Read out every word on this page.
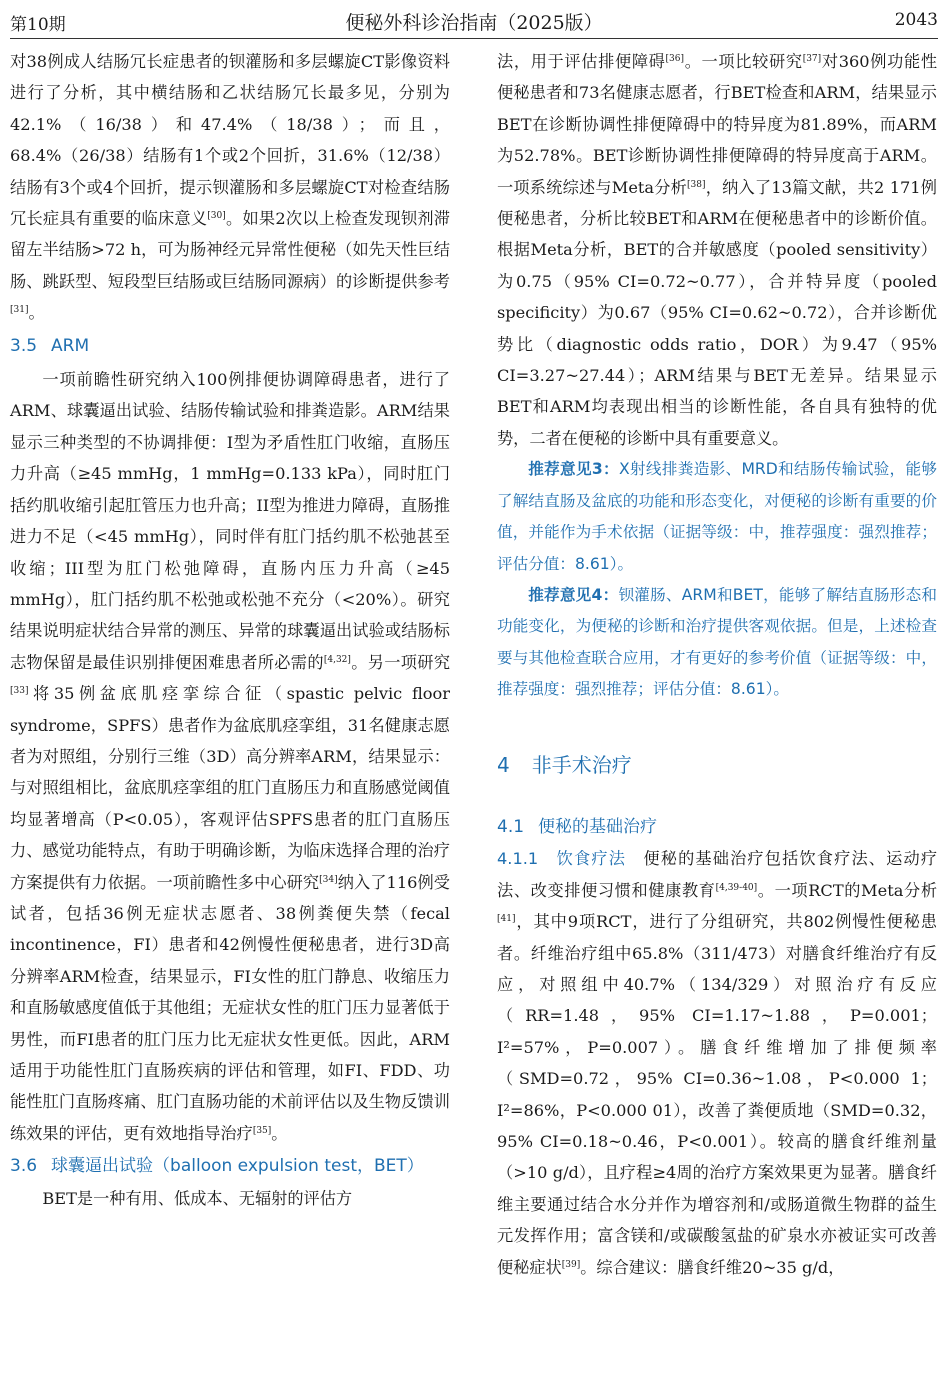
第10期	便秘外科诊治指南（2025版）	2043

对38例成人结肠冗长症患者的钡灌肠和多层螺旋CT影像资料进行了分析，其中横结肠和乙状结肠冗长最多见，分别为42.1%（16/38）和47.4%（18/38）；而且，68.4%（26/38）结肠有1个或2个回折，31.6%（12/38）结肠有3个或4个回折，提示钡灌肠和多层螺旋CT对检查结肠冗长症具有重要的临床意义[30]。如果2次以上检查发现钡剂滞留左半结肠>72 h，可为肠神经元异常性便秘（如先天性巨结肠、跳跃型、短段型巨结肠或巨结肠同源病）的诊断提供参考[31]。

3.5 ARM

一项前瞻性研究纳入100例排便协调障碍患者，进行了ARM、球囊逼出试验、结肠传输试验和排粪造影。ARM结果显示三种类型的不协调排便：I型为矛盾性肛门收缩，直肠压力升高（≥45 mmHg，1 mmHg=0.133 kPa），同时肛门括约肌收缩引起肛管压力也升高；II型为推进力障碍，直肠推进力不足（<45 mmHg），同时伴有肛门括约肌不松弛甚至收缩；III型为肛门松弛障碍，直肠内压力升高（≥45 mmHg），肛门括约肌不松弛或松弛不充分（<20%）。研究结果说明症状结合异常的测压、异常的球囊逼出试验或结肠标志物保留是最佳识别排便困难患者所必需的[4,32]。另一项研究[33]将35例盆底肌痉挛综合征（spastic pelvic floor syndrome，SPFS）患者作为盆底肌痉挛组，31名健康志愿者为对照组，分别行三维（3D）高分辨率ARM，结果显示：与对照组相比，盆底肌痉挛组的肛门直肠压力和直肠感觉阈值均显著增高（P<0.05），客观评估SPFS患者的肛门直肠压力、感觉功能特点，有助于明确诊断，为临床选择合理的治疗方案提供有力依据。一项前瞻性多中心研究[34]纳入了116例受试者，包括36例无症状志愿者、38例粪便失禁（fecal incontinence，FI）患者和42例慢性便秘患者，进行3D高分辨率ARM检查，结果显示，FI女性的肛门静息、收缩压力和直肠敏感度值低于其他组；无症状女性的肛门压力显著低于男性，而FI患者的肛门压力比无症状女性更低。因此，ARM适用于功能性肛门直肠疾病的评估和管理，如FI、FDD、功能性肛门直肠疼痛、肛门直肠功能的术前评估以及生物反馈训练效果的评估，更有效地指导治疗[35]。

3.6 球囊逼出试验（balloon expulsion test，BET）

BET是一种有用、低成本、无辐射的评估方

法，用于评估排便障碍[36]。一项比较研究[37]对360例功能性便秘患者和73名健康志愿者，行BET检查和ARM，结果显示BET在诊断协调性排便障碍中的特异度为81.89%，而ARM为52.78%。BET诊断协调性排便障碍的特异度高于ARM。一项系统综述与Meta分析[38]，纳入了13篇文献，共2 171例便秘患者，分析比较BET和ARM在便秘患者中的诊断价值。根据Meta分析，BET的合并敏感度（pooled sensitivity）为0.75（95% CI=0.72~0.77），合并特异度（pooled specificity）为0.67（95% CI=0.62~0.72），合并诊断优势比（diagnostic odds ratio，DOR）为9.47（95% CI=3.27~27.44）；ARM结果与BET无差异。结果显示BET和ARM均表现出相当的诊断性能，各自具有独特的优势，二者在便秘的诊断中具有重要意义。

推荐意见3：X射线排粪造影、MRD和结肠传输试验，能够了解结直肠及盆底的功能和形态变化，对便秘的诊断有重要的价值，并能作为手术依据（证据等级：中，推荐强度：强烈推荐；评估分值：8.61）。

推荐意见4：钡灌肠、ARM和BET，能够了解结直肠形态和功能变化，为便秘的诊断和治疗提供客观依据。但是，上述检查要与其他检查联合应用，才有更好的参考价值（证据等级：中，推荐强度：强烈推荐；评估分值：8.61）。

4 非手术治疗

4.1 便秘的基础治疗

4.1.1　饮食疗法　 便秘的基础治疗包括饮食疗法、运动疗法、改变排便习惯和健康教育[4,39-40]。一项RCT的Meta分析[41]，其中9项RCT，进行了分组研究，共802例慢性便秘患者。纤维治疗组中65.8%（311/473）对膳食纤维治疗有反应，对照组中40.7%（134/329）对照治疗有反应（RR=1.48，95% CI=1.17~1.88，P=0.001；I²=57%，P=0.007）。膳食纤维增加了排便频率（SMD=0.72，95% CI=0.36~1.08，P<0.000 1；I²=86%，P<0.000 01），改善了粪便质地（SMD=0.32，95% CI=0.18~0.46，P<0.001）。较高的膳食纤维剂量（>10 g/d），且疗程≥4周的治疗方案效果更为显著。膳食纤维主要通过结合水分并作为增容剂和/或肠道微生物群的益生元发挥作用；富含镁和/或碳酸氢盐的矿泉水亦被证实可改善便秘症状[39]。综合建议：膳食纤维20~35 g/d，
